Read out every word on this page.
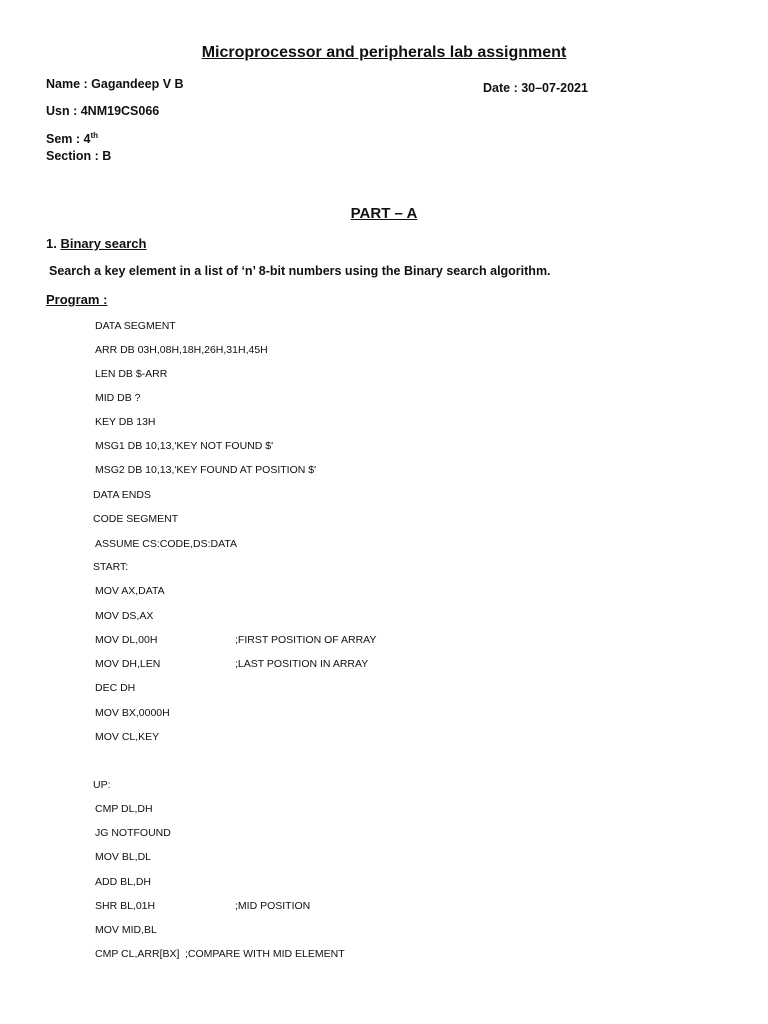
Microprocessor and peripherals lab assignment
Name : Gagandeep V B	Date : 30–07-2021
Usn : 4NM19CS066
Sem : 4th
Section : B
PART – A
1. Binary search
Search a key element in a list of ‘n’ 8-bit numbers using the Binary search algorithm.
Program :
DATA SEGMENT
ARR DB 03H,08H,18H,26H,31H,45H
LEN DB $-ARR
MID DB ?
KEY DB 13H
MSG1 DB 10,13,'KEY NOT FOUND $'
MSG2 DB 10,13,'KEY FOUND AT POSITION $'
DATA ENDS
CODE SEGMENT
ASSUME CS:CODE,DS:DATA
START:
MOV AX,DATA
MOV DS,AX
MOV DL,00H	;FIRST POSITION OF ARRAY
MOV DH,LEN	;LAST POSITION IN ARRAY
DEC DH
MOV BX,0000H
MOV CL,KEY
UP:
CMP DL,DH
JG NOTFOUND
MOV BL,DL
ADD BL,DH
SHR BL,01H	;MID POSITION
MOV MID,BL
CMP CL,ARR[BX] ;COMPARE WITH MID ELEMENT
